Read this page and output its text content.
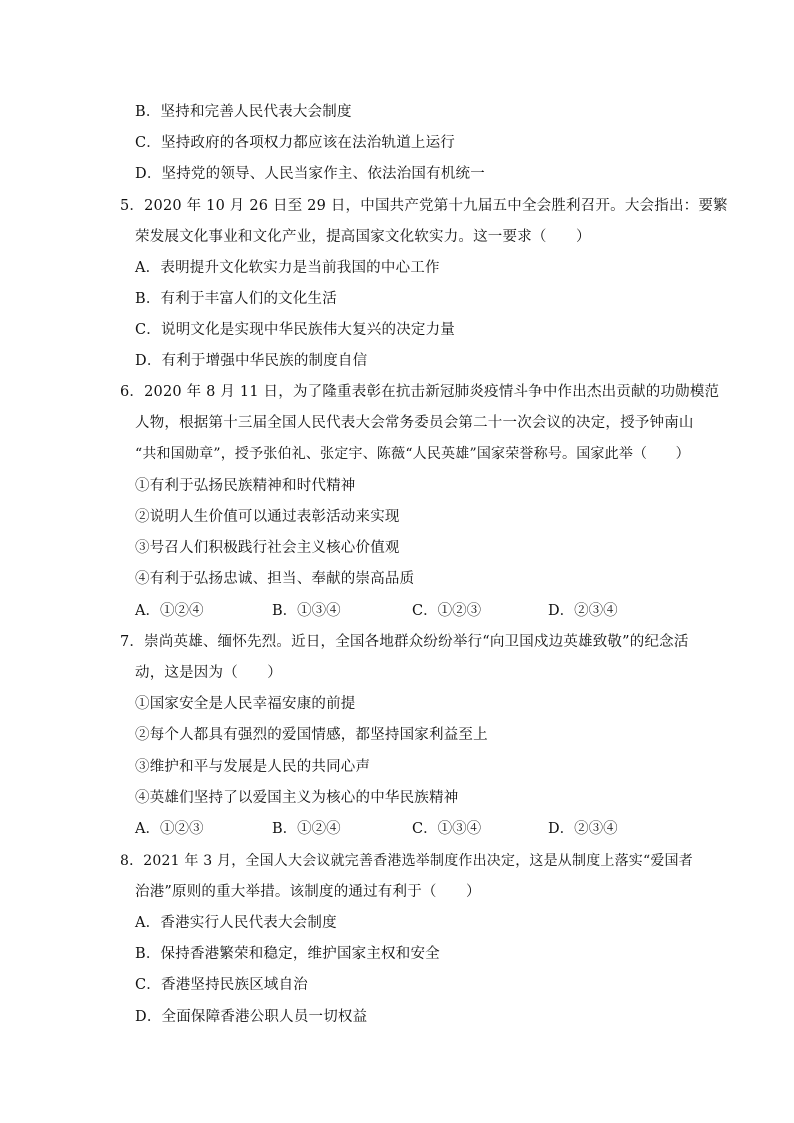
B．坚持和完善人民代表大会制度
C．坚持政府的各项权力都应该在法治轨道上运行
D．坚持党的领导、人民当家作主、依法治国有机统一
5．2020 年 10 月 26 日至 29 日，中国共产党第十九届五中全会胜利召开。大会指出：要繁
荣发展文化事业和文化产业，提高国家文化软实力。这一要求（　　）
A．表明提升文化软实力是当前我国的中心工作
B．有利于丰富人们的文化生活
C．说明文化是实现中华民族伟大复兴的决定力量
D．有利于增强中华民族的制度自信
6．2020 年 8 月 11 日，为了隆重表彰在抗击新冠肺炎疫情斗争中作出杰出贡献的功勋模范
人物，根据第十三届全国人民代表大会常务委员会第二十一次会议的决定，授予钟南山
“共和国勋章”，授予张伯礼、张定宇、陈薇“人民英雄”国家荣誉称号。国家此举（　　）
①有利于弘扬民族精神和时代精神
②说明人生价值可以通过表彰活动来实现
③号召人们积极践行社会主义核心价值观
④有利于弘扬忠诚、担当、奉献的崇高品质
A．①②④	B．①③④	C．①②③	D．②③④
7．崇尚英雄、缅怀先烈。近日，全国各地群众纷纷举行“向卫国戍边英雄致敬”的纪念活
动，这是因为（　　）
①国家安全是人民幸福安康的前提
②每个人都具有强烈的爱国情感，都坚持国家利益至上
③维护和平与发展是人民的共同心声
④英雄们坚持了以爱国主义为核心的中华民族精神
A．①②③	B．①②④	C．①③④	D．②③④
8．2021 年 3 月，全国人大会议就完善香港选举制度作出决定，这是从制度上落实“爱国者
治港”原则的重大举措。该制度的通过有利于（　　）
A．香港实行人民代表大会制度
B．保持香港繁荣和稳定，维护国家主权和安全
C．香港坚持民族区域自治
D．全面保障香港公职人员一切权益
